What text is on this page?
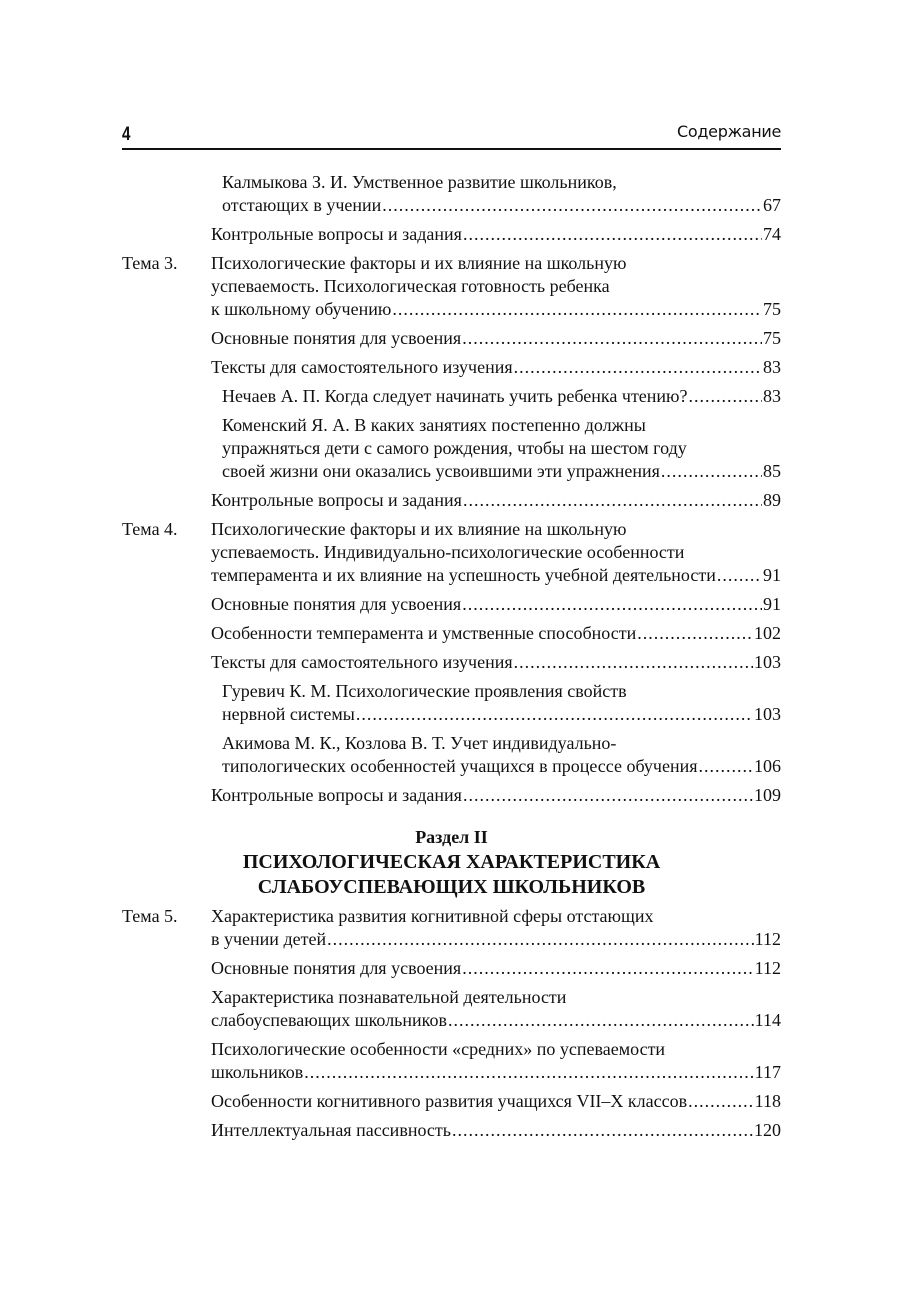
4	Содержание
Калмыкова З. И. Умственное развитие школьников,
отстающих в учении .....	67
Контрольные вопросы и задания .....	74
Тема 3. Психологические факторы и их влияние на школьную
успеваемость. Психологическая готовность ребенка
к школьному обучению .....	75
Основные понятия для усвоения .....	75
Тексты для самостоятельного изучения .....	83
Нечаев А. П. Когда следует начинать учить ребенка чтению? .....	83
Коменский Я. А. В каких занятиях постепенно должны
упражняться дети с самого рождения, чтобы на шестом году
своей жизни они оказались усвоившими эти упражнения .....	85
Контрольные вопросы и задания .....	89
Тема 4. Психологические факторы и их влияние на школьную
успеваемость. Индивидуально-психологические особенности
темперамента и их влияние на успешность учебной деятельности .....	91
Основные понятия для усвоения .....	91
Особенности темперамента и умственные способности .....	102
Тексты для самостоятельного изучения .....	103
Гуревич К. М. Психологические проявления свойств
нервной системы .....	103
Акимова М. К., Козлова В. Т. Учет индивидуально-
типологических особенностей учащихся в процессе обучения .....	106
Контрольные вопросы и задания .....	109
Раздел II
ПСИХОЛОГИЧЕСКАЯ ХАРАКТЕРИСТИКА
СЛАБОУСПЕВАЮЩИХ ШКОЛЬНИКОВ
Тема 5. Характеристика развития когнитивной сферы отстающих
в учении детей .....	112
Основные понятия для усвоения .....	112
Характеристика познавательной деятельности
слабоуспевающих школьников .....	114
Психологические особенности «средних» по успеваемости
школьников .....	117
Особенности когнитивного развития учащихся VII–X классов .....	118
Интеллектуальная пассивность .....	120
